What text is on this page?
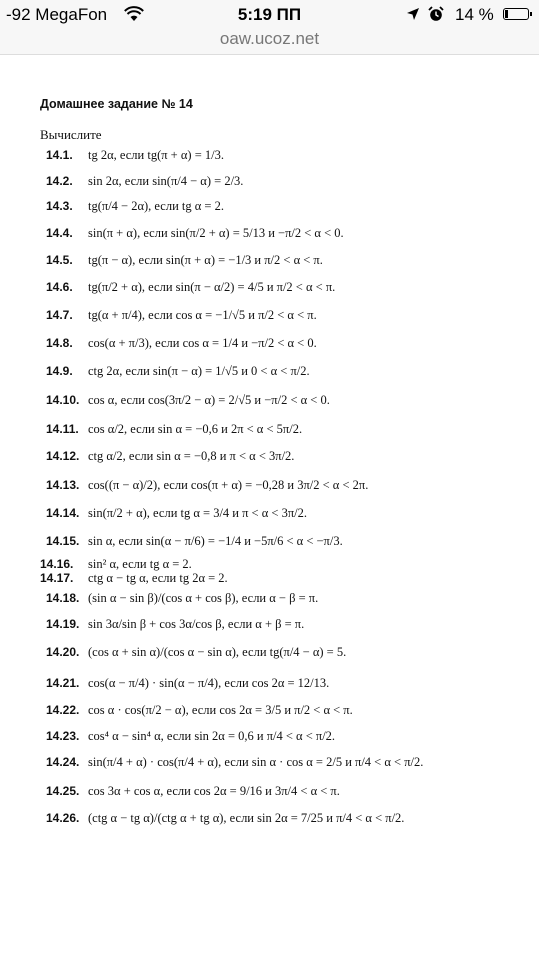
-92 MegaFon	5:19 ПП	14 %
oaw.ucoz.net
Домашнее задание № 14
Вычислите
14.1. tg 2α, если tg(π + α) = 1/3.
14.2. sin 2α, если sin(π/4 − α) = 2/3.
14.3. tg(π/4 − 2α), если tg α = 2.
14.4. sin(π + α), если sin(π/2 + α) = 5/13 и −π/2 < α < 0.
14.5. tg(π − α), если sin(π + α) = −1/3 и π/2 < α < π.
14.6. tg(π/2 + α), если sin(π − α/2) = 4/5 и π/2 < α < π.
14.7. tg(α + π/4), если cos α = −1/√5 и π/2 < α < π.
14.8. cos(α + π/3), если cos α = 1/4 и −π/2 < α < 0.
14.9. ctg 2α, если sin(π − α) = 1/√5 и 0 < α < π/2.
14.10. cos α, если cos(3π/2 − α) = 2/√5 и −π/2 < α < 0.
14.11. cos α/2, если sin α = −0,6 и 2π < α < 5π/2.
14.12. ctg α/2, если sin α = −0,8 и π < α < 3π/2.
14.13. cos((π − α)/2), если cos(π + α) = −0,28 и 3π/2 < α < 2π.
14.14. sin(π/2 + α), если tg α = 3/4 и π < α < 3π/2.
14.15. sin α, если sin(α − π/6) = −1/4 и −5π/6 < α < −π/3.
14.16. sin² α, если tg α = 2.
14.17. ctg α − tg α, если tg 2α = 2.
14.18. (sin α − sin β)/(cos α + cos β), если α − β = π.
14.19. sin 3α/sin β + cos 3α/cos β, если α + β = π.
14.20. (cos α + sin α)/(cos α − sin α), если tg(π/4 − α) = 5.
14.21. cos(α − π/4) · sin(α − π/4), если cos 2α = 12/13.
14.22. cos α · cos(π/2 − α), если cos 2α = 3/5 и π/2 < α < π.
14.23. cos⁴ α − sin⁴ α, если sin 2α = 0,6 и π/4 < α < π/2.
14.24. sin(π/4 + α) · cos(π/4 + α), если sin α · cos α = 2/5 и π/4 < α < π/2.
14.25. cos 3α + cos α, если cos 2α = 9/16 и 3π/4 < α < π.
14.26. (ctg α − tg α)/(ctg α + tg α), если sin 2α = 7/25 и π/4 < α < π/2.
